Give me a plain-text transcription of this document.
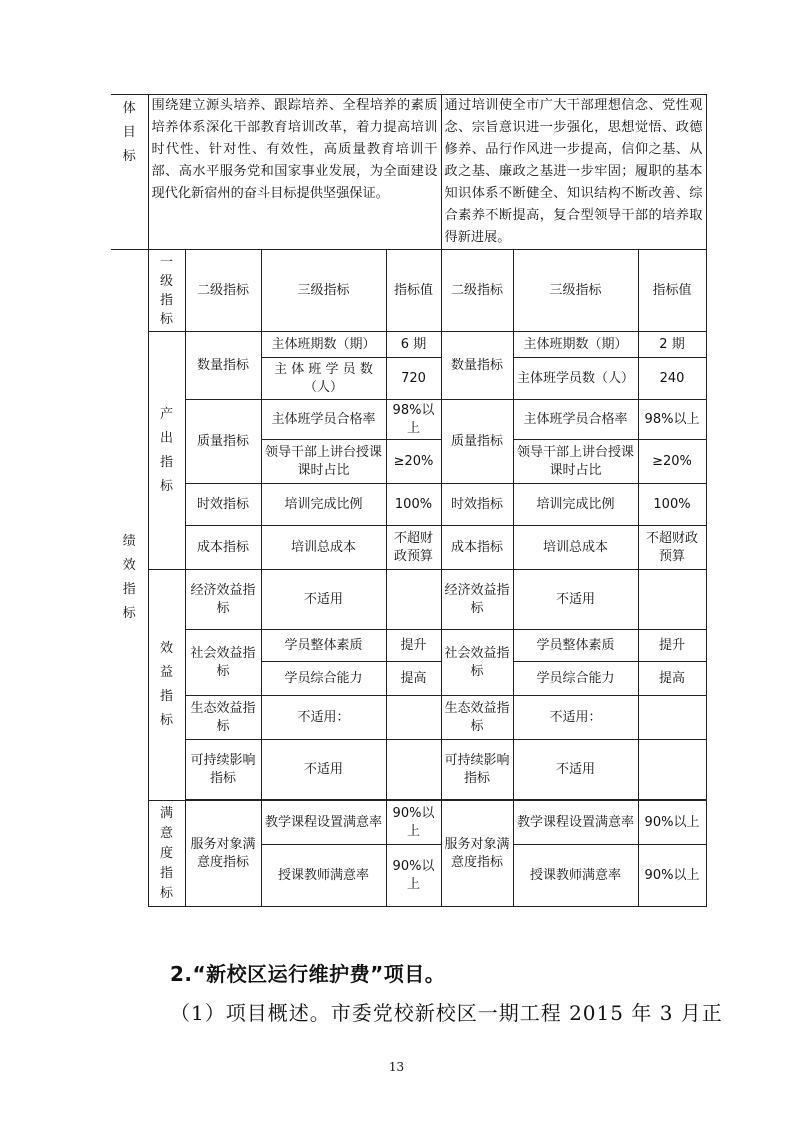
体
目
标	围绕建立源头培养、跟踪培养、全程培养的素质培养体系深化干部教育培训改革，着力提高培训时代性、针对性、有效性，高质量教育培训干部、高水平服务党和国家事业发展，为全面建设现代化新宿州的奋斗目标提供坚强保证。				通过培训使全市广大干部理想信念、党性观念、宗旨意识进一步强化，思想觉悟、政德修养、品行作风进一步提高，信仰之基、从政之基、廉政之基进一步牢固；履职的基本知识体系不断健全、知识结构不断改善、综合素养不断提高，复合型领导干部的培养取得新进展。		

绩
效
指
标	一
级
指
标	二级指标	三级指标	指标值	二级指标	三级指标	指标值

	产
出
指
标	数量指标	主体班期数（期）	6 期	数量指标	主体班期数（期）	2 期
			主 体 班 学 员 数（人）	720		主体班学员数（人）	240
		质量指标	主体班学员合格率	98%以上	质量指标	主体班学员合格率	98%以上
			领导干部上讲台授课课时占比	≥20%		领导干部上讲台授课课时占比	≥20%
		时效指标	培训完成比例	100%	时效指标	培训完成比例	100%
		成本指标	培训总成本	不超财政预算	成本指标	培训总成本	不超财政预算

	效
益
指
标	经济效益指标	不适用		经济效益指标	不适用	
		社会效益指标	学员整体素质	提升	社会效益指标	学员整体素质	提升
			学员综合能力	提高		学员综合能力	提高
		生态效益指标	不适用：		生态效益指标	不适用：	
		可持续影响指标	不适用		可持续影响指标	不适用	

	满
意
度
指
标	服务对象满意度指标	教学课程设置满意率	90%以上	服务对象满意度指标	教学课程设置满意率	90%以上
			授课教师满意率	90%以上		授课教师满意率	90%以上
2.“新校区运行维护费”项目。
（1）项目概述。市委党校新校区一期工程 2015 年 3 月正
13
